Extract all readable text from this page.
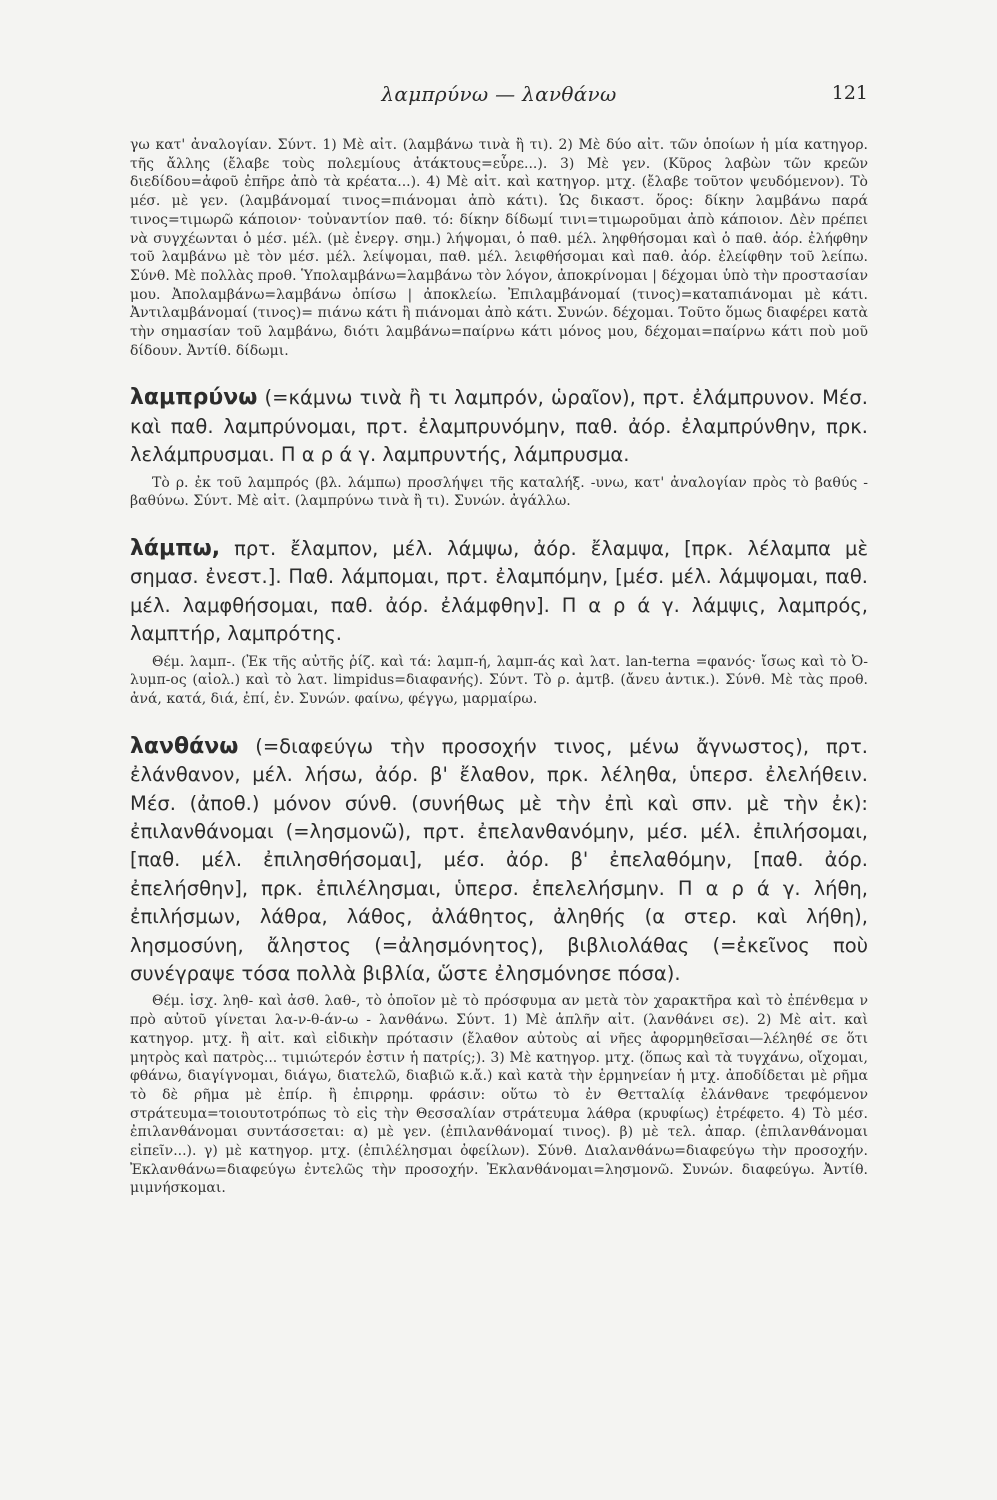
λαμπρύνω — λανθάνω	121

γω κατ' ἀναλογίαν. Σύντ. 1) Μὲ αἰτ. (λαμβάνω τινὰ ἢ τι). 2) Μὲ δύο αἰτ. τῶν ὁποίων ἡ μία κατηγορ. τῆς ἄλλης (ἔλαβε τοὺς πολεμίους ἀτάκτους=εὗρε...). 3) Μὲ γεν. (Κῦρος λαβὼν τῶν κρεῶν διεδίδου=ἀφοῦ ἐπῆρε ἀπὸ τὰ κρέατα...). 4) Μὲ αἰτ. καὶ κατηγορ. μτχ. (ἔλαβε τοῦτον ψευδόμενον). Τὸ μέσ. μὲ γεν. (λαμβάνομαί τινος=πιάνομαι ἀπὸ κάτι). Ὡς δικαστ. ὅρος: δίκην λαμβάνω παρά τινος=τιμωρῶ κάποιον· τοὐναντίον παθ. τό: δίκην δίδωμί τινι=τιμωροῦμαι ἀπὸ κάποιον. Δὲν πρέπει νὰ συγχέωνται ὁ μέσ. μέλ. (μὲ ἐνεργ. σημ.) λήψομαι, ὁ παθ. μέλ. ληφθήσομαι καὶ ὁ παθ. ἀόρ. ἐλήφθην τοῦ λαμβάνω μὲ τὸν μέσ. μέλ. λείψομαι, παθ. μέλ. λειφθήσομαι καὶ παθ. ἀόρ. ἐλείφθην τοῦ λείπω. Σύνθ. Μὲ πολλὰς προθ. Ὑπολαμβάνω=λαμβάνω τὸν λόγον, ἀποκρίνομαι | δέχομαι ὑπὸ τὴν προστασίαν μου. Ἀπολαμβάνω=λαμβάνω ὀπίσω | ἀποκλείω. Ἐπιλαμβάνομαί (τινος)=καταπιάνομαι μὲ κάτι. Ἀντιλαμβάνομαί (τινος)= πιάνω κάτι ἢ πιάνομαι ἀπὸ κάτι. Συνών. δέχομαι. Τοῦτο ὅμως διαφέρει κατὰ τὴν σημασίαν τοῦ λαμβάνω, διότι λαμβάνω=παίρνω κάτι μόνος μου, δέχομαι=παίρνω κάτι ποὺ μοῦ δίδουν. Ἀντίθ. δίδωμι.

λαμπρύνω (=κάμνω τινὰ ἢ τι λαμπρόν, ὡραῖον), πρτ. ἐλάμπρυνον. Μέσ. καὶ παθ. λαμπρύνομαι, πρτ. ἐλαμπρυνόμην, παθ. ἀόρ. ἐλαμπρύνθην, πρκ. λελάμπρυσμαι. Π α ρ ά γ. λαμπρυντής, λάμπρυσμα.

Τὸ ρ. ἐκ τοῦ λαμπρός (βλ. λάμπω) προσλήψει τῆς καταλήξ. -υνω, κατ' ἀναλογίαν πρὸς τὸ βαθύς - βαθύνω. Σύντ. Μὲ αἰτ. (λαμπρύνω τινὰ ἢ τι). Συνών. ἀγάλλω.

λάμπω, πρτ. ἔλαμπον, μέλ. λάμψω, ἀόρ. ἔλαμψα, [πρκ. λέλαμπα μὲ σημασ. ἐνεστ.]. Παθ. λάμπομαι, πρτ. ἐλαμπόμην, [μέσ. μέλ. λάμψομαι, παθ. μέλ. λαμφθήσομαι, παθ. ἀόρ. ἐλάμφθην]. Π α ρ ά γ. λάμψις, λαμπρός, λαμπτήρ, λαμπρότης.

Θέμ. λαμπ-. (Ἐκ τῆς αὐτῆς ῥίζ. καὶ τά: λαμπ-ή, λαμπ-άς καὶ λατ. lan-terna =φανός· ἴσως καὶ τὸ Ὀ-λυμπ-ος (αἰολ.) καὶ τὸ λατ. limpidus=διαφανής). Σύντ. Τὸ ρ. ἀμτβ. (ἄνευ ἀντικ.). Σύνθ. Μὲ τὰς προθ. ἀνά, κατά, διά, ἐπί, ἐν. Συνών. φαίνω, φέγγω, μαρμαίρω.

λανθάνω (=διαφεύγω τὴν προσοχήν τινος, μένω ἄγνωστος), πρτ. ἐλάνθανον, μέλ. λήσω, ἀόρ. β' ἔλαθον, πρκ. λέληθα, ὑπερσ. ἐλελήθειν. Μέσ. (ἀποθ.) μόνον σύνθ. (συνήθως μὲ τὴν ἐπὶ καὶ σπν. μὲ τὴν ἐκ): ἐπιλανθάνομαι (=λησμονῶ), πρτ. ἐπελανθανόμην, μέσ. μέλ. ἐπιλήσομαι, [παθ. μέλ. ἐπιλησθήσομαι], μέσ. ἀόρ. β' ἐπελαθόμην, [παθ. ἀόρ. ἐπελήσθην], πρκ. ἐπιλέλησμαι, ὑπερσ. ἐπελελήσμην. Π α ρ ά γ. λήθη, ἐπιλήσμων, λάθρα, λάθος, ἀλάθητος, ἀληθής (α στερ. καὶ λήθη), λησμοσύνη, ἄληστος (=ἀλησμόνητος), βιβλιολάθας (=ἐκεῖνος ποὺ συνέγραψε τόσα πολλὰ βιβλία, ὥστε ἐλησμόνησε πόσα).

Θέμ. ἰσχ. ληθ- καὶ ἀσθ. λαθ-, τὸ ὁποῖον μὲ τὸ πρόσφυμα αν μετὰ τὸν χαρακτῆρα καὶ τὸ ἐπένθεμα ν πρὸ αὐτοῦ γίνεται λα-ν-θ-άν-ω - λανθάνω. Σύντ. 1) Μὲ ἁπλῆν αἰτ. (λανθάνει σε). 2) Μὲ αἰτ. καὶ κατηγορ. μτχ. ἢ αἰτ. καὶ εἰδικὴν πρότασιν (ἔλαθον αὐτοὺς αἱ νῆες ἀφορμηθεῖσαι—λέληθέ σε ὅτι μητρὸς καὶ πατρὸς... τιμιώτερόν ἐστιν ἡ πατρίς;). 3) Μὲ κατηγορ. μτχ. (ὅπως καὶ τὰ τυγχάνω, οἴχομαι, φθάνω, διαγίγνομαι, διάγω, διατελῶ, διαβιῶ κ.ἄ.) καὶ κατὰ τὴν ἑρμηνείαν ἡ μτχ. ἀποδίδεται μὲ ρῆμα τὸ δὲ ρῆμα μὲ ἐπίρ. ἢ ἐπιρρημ. φράσιν: οὕτω τὸ ἐν Θετταλίᾳ ἐλάνθανε τρεφόμενον στράτευμα=τοιουτοτρόπως τὸ εἰς τὴν Θεσσαλίαν στράτευμα λάθρα (κρυφίως) ἐτρέφετο. 4) Τὸ μέσ. ἐπιλανθάνομαι συντάσσεται: α) μὲ γεν. (ἐπιλανθάνομαί τινος). β) μὲ τελ. ἀπαρ. (ἐπιλανθάνομαι εἰπεῖν...). γ) μὲ κατηγορ. μτχ. (ἐπιλέλησμαι ὀφείλων). Σύνθ. Διαλανθάνω=διαφεύγω τὴν προσοχήν. Ἐκλανθάνω=διαφεύγω ἐντελῶς τὴν προσοχήν. Ἐκλανθάνομαι=λησμονῶ. Συνών. διαφεύγω. Ἀντίθ. μιμνήσκομαι.
